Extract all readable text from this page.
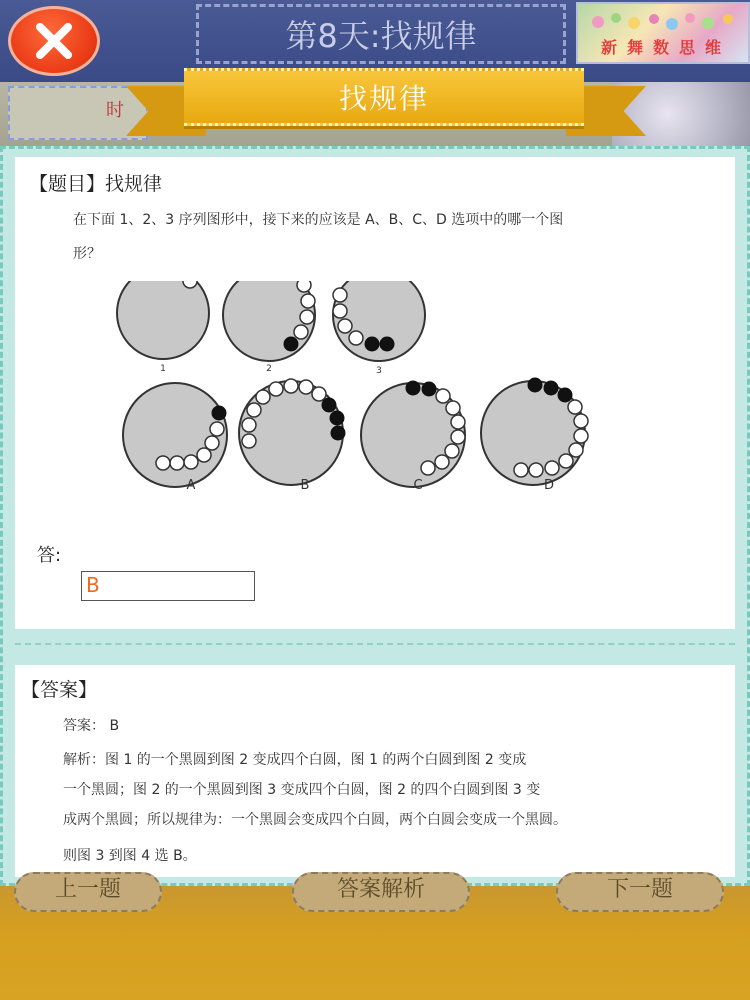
第8天:找规律	新舞数思维
时	找规律
【题目】找规律
在下面 1、2、3 序列图形中，接下来的应该是 A、B、C、D 选项中的哪一个图
形？
1	2	3
A	B	C	D
答:
B
【答案】
答案： B
解析：图 1 的一个黑圆到图 2 变成四个白圆，图 1 的两个白圆到图 2 变成
一个黑圆；图 2 的一个黑圆到图 3 变成四个白圆，图 2 的四个白圆到图 3 变
成两个黑圆；所以规律为：一个黑圆会变成四个白圆，两个白圆会变成一个黑圆。
则图 3 到图 4 选 B。
上一题	答案解析	下一题
